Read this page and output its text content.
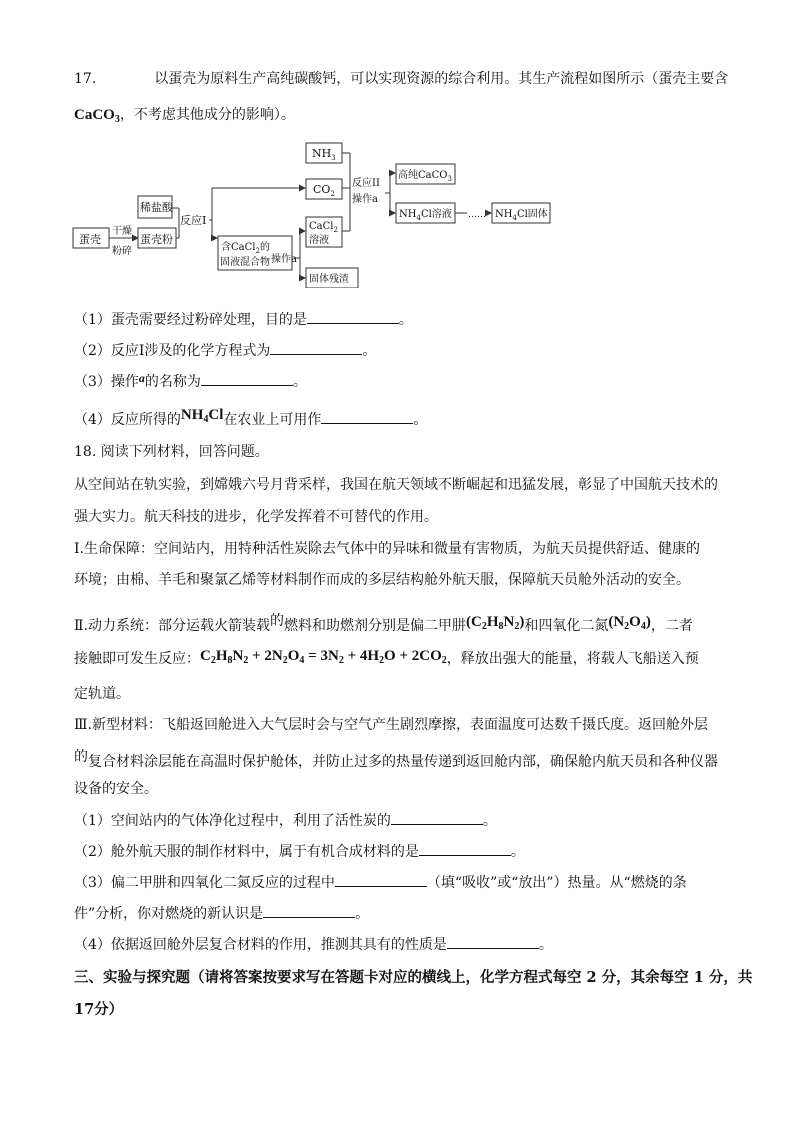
17.	以蛋壳为原料生产高纯碳酸钙，可以实现资源的综合利用。其生产流程如图所示（蛋壳主要含
CaCO$_3$，不考虑其他成分的影响）。
蛋壳
干燥
粉碎
蛋壳粉
稀盐酸
反应I
含CaCl$_2$的
固液混合物 操作a
CaCl$_2$
溶液
固体残渣
$NH_3$
$CO_2$
反应II
操作a
高纯CaCO$_3$
$NH_4Cl$溶液 …… $NH_4Cl$固体
（1）蛋壳需要经过粉碎处理，目的是	。
（2）反应Ⅰ涉及的化学方程式为	。
（3）操作a的名称为	。
（4）反应所得的$NH_4Cl$在农业上可用作	。
18. 阅读下列材料，回答问题。
从空间站在轨实验，到嫦娥六号月背采样，我国在航天领域不断崛起和迅猛发展，彰显了中国航天技术的
强大实力。航天科技的进步，化学发挥着不可替代的作用。
Ⅰ.生命保障：空间站内，用特种活性炭除去气体中的异味和微量有害物质，为航天员提供舒适、健康的
环境；由棉、羊毛和聚氯乙烯等材料制作而成的多层结构舱外航天服，保障航天员舱外活动的安全。
Ⅱ.动力系统：部分运载火箭装载的燃料和助燃剂分别是偏二甲肼$(C_2H_8N_2)$和四氧化二氮$(N_2O_4)$，二者
接触即可发生反应：$C_2H_8N_2 + 2N_2O_4 = 3N_2 + 4H_2O + 2CO_2$，释放出强大的能量，将载人飞船送入预
定轨道。
Ⅲ.新型材料：飞船返回舱进入大气层时会与空气产生剧烈摩擦，表面温度可达数千摄氏度。返回舱外层
的复合材料涂层能在高温时保护舱体，并防止过多的热量传递到返回舱内部，确保舱内航天员和各种仪器
设备的安全。
（1）空间站内的气体净化过程中，利用了活性炭的	。
（2）舱外航天服的制作材料中，属于有机合成材料的是	。
（3）偏二甲肼和四氧化二氮反应的过程中	（填“吸收”或“放出”）热量。从“燃烧的条
件”分析，你对燃烧的新认识是	。
（4）依据返回舱外层复合材料的作用，推测其具有的性质是	。
三、实验与探究题（请将答案按要求写在答题卡对应的横线上，化学方程式每空 2 分，其余每空 1 分，共
17分）
